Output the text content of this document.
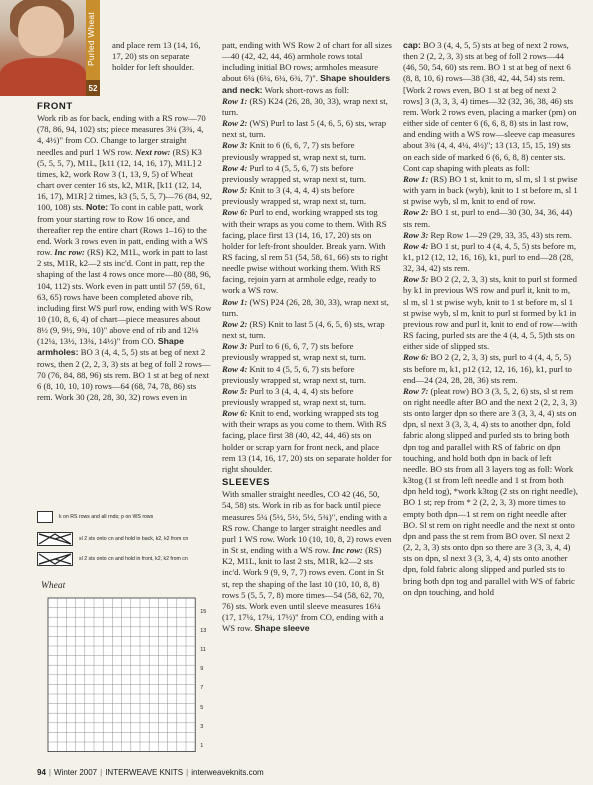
Purled Wheat
52

and place rem 13 (14, 16, 17, 20) sts on separate holder for left shoulder.

FRONT

Work rib as for back, ending with a RS row—70 (78, 86, 94, 102) sts; piece measures 3¼ (3¾, 4, 4, 4½)" from CO. Change to larger straight needles and purl 1 WS row. Next row: (RS) K3 (5, 5, 5, 7), M1L, [k11 (12, 14, 16, 17), M1L] 2 times, k2, work Row 3 (1, 13, 9, 5) of Wheat chart over center 16 sts, k2, M1R, [k11 (12, 14, 16, 17), M1R] 2 times, k3 (5, 5, 5, 7)—76 (84, 92, 100, 108) sts. Note: To cont in cable patt, work from your starting row to Row 16 once, and thereafter rep the entire chart (Rows 1–16) to the end. Work 3 rows even in patt, ending with a WS row. Inc row: (RS) K2, M1L, work in patt to last 2 sts, M1R, k2—2 sts inc'd. Cont in patt, rep the shaping of the last 4 rows once more—80 (88, 96, 104, 112) sts. Work even in patt until 57 (59, 61, 63, 65) rows have been completed above rib, including first WS purl row, ending with WS Row 10 (10, 8, 6, 4) of chart—piece measures about 8½ (9, 9½, 9¾, 10)" above end of rib and 12⅛ (12¼, 13½, 13¾, 14½)" from CO. Shape armholes: BO 3 (4, 4, 5, 5) sts at beg of next 2 rows, then 2 (2, 2, 3, 3) sts at beg of foll 2 rows—70 (76, 84, 88, 96) sts rem. BO 1 st at beg of next 6 (8, 10, 10, 10) rows—64 (68, 74, 78, 86) sts rem. Work 30 (28, 28, 30, 32) rows even in

k on RS rows and all rnds; p on WS rows
sl 2 sts onto cn and hold in back, k2, k2 from cn
sl 2 sts onto cn and hold in front, k2, k2 from cn
Wheat
15
13
11
9
7
5
3
1

patt, ending with WS Row 2 of chart for all sizes—40 (42, 42, 44, 46) armhole rows total including initial BO rows; armholes measure about 6¼ (6¼, 6¼, 6¾, 7)". Shape shoulders and neck: Work short-rows as foll:

Row 1: (RS) K24 (26, 28, 30, 33), wrap next st, turn.

Row 2: (WS) Purl to last 5 (4, 6, 5, 6) sts, wrap next st, turn.

Row 3: Knit to 6 (6, 6, 7, 7) sts before previously wrapped st, wrap next st, turn.

Row 4: Purl to 4 (5, 5, 6, 7) sts before previously wrapped st, wrap next st, turn.

Row 5: Knit to 3 (4, 4, 4, 4) sts before previously wrapped st, wrap next st, turn.

Row 6: Purl to end, working wrapped sts tog with their wraps as you come to them. With RS facing, place first 13 (14, 16, 17, 20) sts on holder for left-front shoulder. Break yarn. With RS facing, sl rem 51 (54, 58, 61, 66) sts to right needle pwise without working them. With RS facing, rejoin yarn at armhole edge, ready to work a WS row.

Row 1: (WS) P24 (26, 28, 30, 33), wrap next st, turn.

Row 2: (RS) Knit to last 5 (4, 6, 5, 6) sts, wrap next st, turn.

Row 3: Purl to 6 (6, 6, 7, 7) sts before previously wrapped st, wrap next st, turn.

Row 4: Knit to 4 (5, 5, 6, 7) sts before previously wrapped st, wrap next st, turn.

Row 5: Purl to 3 (4, 4, 4, 4) sts before previously wrapped st, wrap next st, turn.

Row 6: Knit to end, working wrapped sts tog with their wraps as you come to them. With RS facing, place first 38 (40, 42, 44, 46) sts on holder or scrap yarn for front neck, and place rem 13 (14, 16, 17, 20) sts on separate holder for right shoulder.

SLEEVES

With smaller straight needles, CO 42 (46, 50, 54, 58) sts. Work in rib as for back until piece measures 5¼ (5½, 5½, 5½, 5¾)", ending with a RS row. Change to larger straight needles and purl 1 WS row. Work 10 (10, 10, 8, 2) rows even in St st, ending with a WS row. Inc row: (RS) K2, M1L, knit to last 2 sts, M1R, k2—2 sts inc'd. Work 9 (9, 9, 7, 7) rows even. Cont in St st, rep the shaping of the last 10 (10, 10, 8, 8) rows 5 (5, 5, 7, 8) more times—54 (58, 62, 70, 76) sts. Work even until sleeve measures 16¼ (17, 17¼, 17¼, 17½)" from CO, ending with a WS row. Shape sleeve

cap: BO 3 (4, 4, 5, 5) sts at beg of next 2 rows, then 2 (2, 2, 3, 3) sts at beg of foll 2 rows—44 (46, 50, 54, 60) sts rem. BO 1 st at beg of next 6 (8, 8, 10, 6) rows—38 (38, 42, 44, 54) sts rem. [Work 2 rows even, BO 1 st at beg of next 2 rows] 3 (3, 3, 3, 4) times—32 (32, 36, 38, 46) sts rem. Work 2 rows even, placing a marker (pm) on either side of center 6 (6, 6, 8, 8) sts in last row, and ending with a WS row—sleeve cap measures about 3¾ (4, 4, 4¼, 4½)"; 13 (13, 15, 15, 19) sts on each side of marked 6 (6, 6, 8, 8) center sts. Cont cap shaping with pleats as foll:

Row 1: (RS) BO 1 st, knit to m, sl m, sl 1 st pwise with yarn in back (wyb), knit to 1 st before m, sl 1 st pwise wyb, sl m, knit to end of row.

Row 2: BO 1 st, purl to end—30 (30, 34, 36, 44) sts rem.

Row 3: Rep Row 1—29 (29, 33, 35, 43) sts rem.

Row 4: BO 1 st, purl to 4 (4, 4, 5, 5) sts before m, k1, p12 (12, 12, 16, 16), k1, purl to end—28 (28, 32, 34, 42) sts rem.

Row 5: BO 2 (2, 2, 3, 3) sts, knit to purl st formed by k1 in previous WS row and purl it, knit to m, sl m, sl 1 st pwise wyb, knit to 1 st before m, sl 1 st pwise wyb, sl m, knit to purl st formed by k1 in previous row and purl it, knit to end of row—with RS facing, purled sts are the 4 (4, 4, 5, 5)th sts on either side of slipped sts.

Row 6: BO 2 (2, 2, 3, 3) sts, purl to 4 (4, 4, 5, 5) sts before m, k1, p12 (12, 12, 16, 16), k1, purl to end—24 (24, 28, 28, 36) sts rem.

Row 7: (pleat row) BO 3 (3, 5, 2, 6) sts, sl st rem on right needle after BO and the next 2 (2, 2, 3, 3) sts onto larger dpn so there are 3 (3, 3, 4, 4) sts on dpn, sl next 3 (3, 3, 4, 4) sts to another dpn, fold fabric along slipped and purled sts to bring both dpn tog and parallel with RS of fabric on dpn touching, and hold both dpn in back of left needle. BO sts from all 3 layers tog as foll: Work k3tog (1 st from left needle and 1 st from both dpn held tog), *work k3tog (2 sts on right needle), BO 1 st; rep from * 2 (2, 2, 3, 3) more times to empty both dpn—1 st rem on right needle after BO. Sl st rem on right needle and the next st onto dpn and pass the st rem from BO over. Sl next 2 (2, 2, 3, 3) sts onto dpn so there are 3 (3, 3, 4, 4) sts on dpn, sl next 3 (3, 3, 4, 4) sts onto another dpn, fold fabric along slipped and purled sts to bring both dpn tog and parallel with WS of fabric on dpn touching, and hold

94 | Winter 2007 | INTERWEAVE KNITS | interweaveknits.com
